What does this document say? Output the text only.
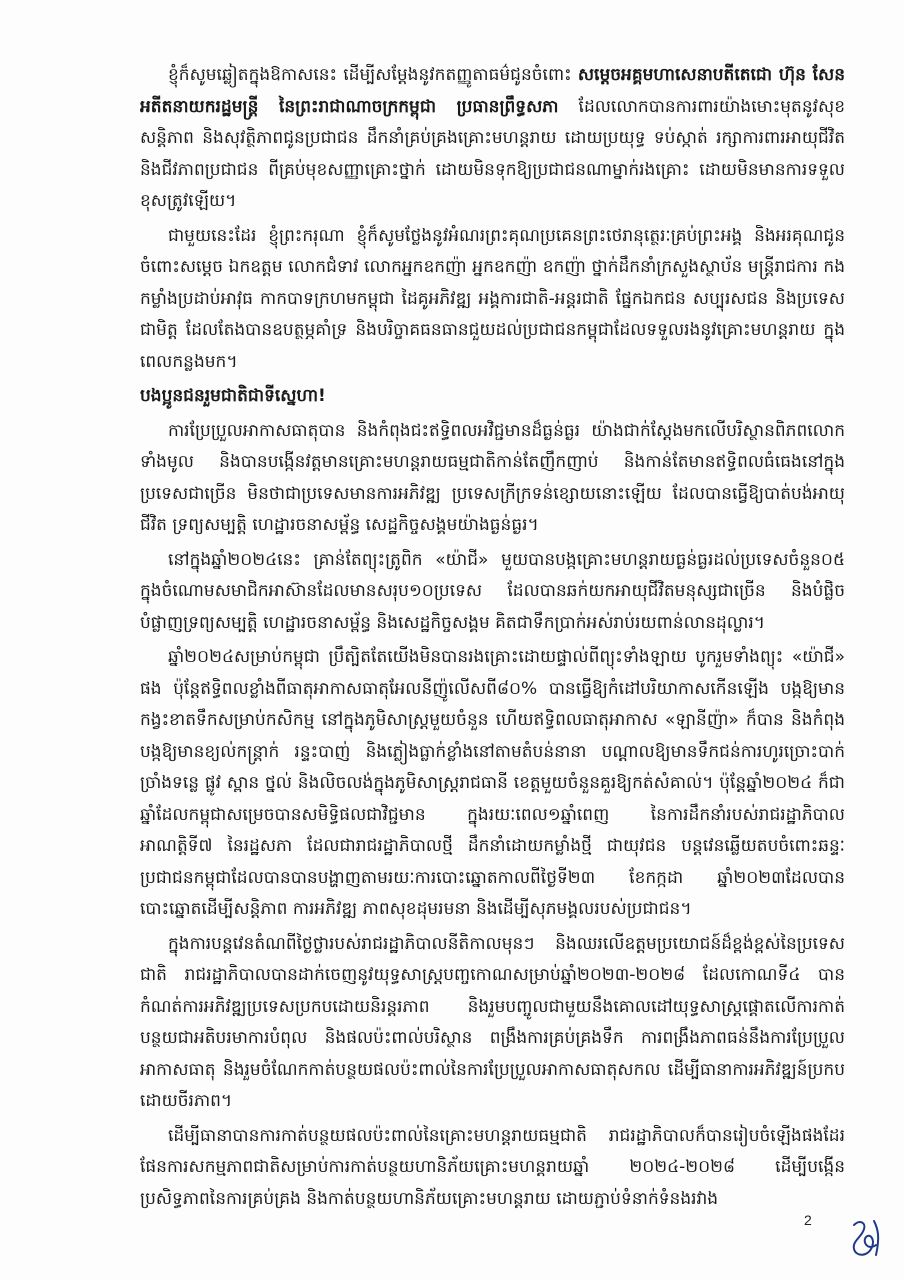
ខ្ញុំក៏សូមឆ្លៀតក្នុងឱកាសនេះ ដើម្បីសម្ដែងនូវកតញ្ញូតាធម៌ជូនចំពោះ សម្តេចអគ្គមហាសេនាបតីតេជោ ហ៊ុន សែន អតីតនាយករដ្ឋមន្ត្រី នៃព្រះរាជាណាចក្រកម្ពុជា ប្រធានព្រឹទ្ធសភា ដែលលោកបានការពារយ៉ាងមោះមុតនូវសុខសន្តិភាព និងសុវត្ថិភាពជូនប្រជាជន ដឹកនាំគ្រប់គ្រងគ្រោះមហន្តរាយ ដោយប្រយុទ្ធ ទប់ស្កាត់ រក្សាការពារអាយុជីវិត និងជីវភាពប្រជាជន ពីគ្រប់មុខសញ្ញាគ្រោះថ្នាក់ ដោយមិនទុកឱ្យប្រជាជនណាម្នាក់រងគ្រោះ ដោយមិនមានការទទួលខុសត្រូវឡើយ។

ជាមួយនេះដែរ ខ្ញុំព្រះករុណា ខ្ញុំក៏សូមថ្លែងនូវអំណរព្រះគុណប្រគេនព្រះថេរានុត្ថេរៈគ្រប់ព្រះអង្គ និងអរគុណជូនចំពោះសម្តេច ឯកឧត្តម លោកជំទាវ លោកអ្នកឧកញ៉ា អ្នកឧកញ៉ា ឧកញ៉ា ថ្នាក់ដឹកនាំក្រសួងស្ថាប័ន មន្ត្រីរាជការ កងកម្លាំងប្រដាប់អាវុធ កាកបាទក្រហមកម្ពុជា ដៃគូអភិវឌ្ឍ អង្គការជាតិ-អន្តរជាតិ ផ្នែកឯកជន សប្បុរសជន និងប្រទេសជាមិត្ត ដែលតែងបានឧបត្ថម្ភគាំទ្រ និងបរិច្ចាគធនធានជួយដល់ប្រជាជនកម្ពុជាដែលទទួលរងនូវគ្រោះមហន្តរាយ ក្នុងពេលកន្លងមក។

បងប្អូនជនរួមជាតិជាទីស្នេហា!

ការប្រែប្រួលអាកាសធាតុបាន និងកំពុងជះឥទ្ធិពលអវិជ្ជមានដ៏ធ្ងន់ធ្ងរ យ៉ាងជាក់ស្តែងមកលើបរិស្ថានពិភពលោកទាំងមូល និងបានបង្កើនវត្តមានគ្រោះមហន្តរាយធម្មជាតិកាន់តែញឹកញាប់ និងកាន់តែមានឥទ្ធិពលធំធេងនៅក្នុងប្រទេសជាច្រើន មិនថាជាប្រទេសមានការអភិវឌ្ឍ ប្រទេសក្រីក្រទន់ខ្សោយនោះឡើយ ដែលបានធ្វើឱ្យបាត់បង់អាយុជីវិត ទ្រព្យសម្បត្តិ ហេដ្ឋារចនាសម្ព័ន្ធ សេដ្ឋកិច្ចសង្គមយ៉ាងធ្ងន់ធ្ងរ។

នៅក្នុងឆ្នាំ២០២៤នេះ គ្រាន់តែព្យុះត្រូពិក «យ៉ាជី» មួយបានបង្កគ្រោះមហន្តរាយធ្ងន់ធ្ងរដល់ប្រទេសចំនួន០៥ ក្នុងចំណោមសមាជិកអាស៊ានដែលមានសរុប១០ប្រទេស ដែលបានឆក់យកអាយុជីវិតមនុស្សជាច្រើន និងបំផ្លិចបំផ្លាញទ្រព្យសម្បត្តិ ហេដ្ឋារចនាសម្ព័ន្ធ និងសេដ្ឋកិច្ចសង្គម គិតជាទឹកប្រាក់អស់រាប់រយពាន់លានដុល្លារ។

ឆ្នាំ២០២៤សម្រាប់កម្ពុជា ប្រឹត្បិតតែយើងមិនបានរងគ្រោះដោយផ្ទាល់ពីព្យុះទាំងឡាយ បូករួមទាំងព្យុះ «យ៉ាជី» ផង ប៉ុន្តែឥទ្ធិពលខ្លាំងពីធាតុអាកាសធាតុអែលនីញ៉ូលើសពី៨០% បានធ្វើឱ្យកំដៅបរិយាកាសកើនឡើង បង្កឱ្យមានកង្វះខាតទឹកសម្រាប់កសិកម្ម នៅក្នុងភូមិសាស្ត្រមួយចំនួន ហើយឥទ្ធិពលធាតុអាកាស «ឡានីញ៉ា» ក៏បាន និងកំពុងបង្កឱ្យមានខ្យល់កន្ត្រាក់ រន្ទះបាញ់ និងភ្លៀងធ្លាក់ខ្លាំងនៅតាមតំបន់នានា បណ្តាលឱ្យមានទឹកជន់ការហូរច្រោះបាក់ច្រាំងទន្លេ ផ្លូវ ស្ពាន ថ្នល់ និងលិចលង់ក្នុងភូមិសាស្ត្ររាជធានី ខេត្តមួយចំនួនគួរឱ្យកត់សំគាល់។ ប៉ុន្តែឆ្នាំ២០២៤ ក៏ជាឆ្នាំដែលកម្ពុជាសម្រេចបានសមិទ្ធិផលជាវិជ្ជមាន ក្នុងរយៈពេល១ឆ្នាំពេញ នៃការដឹកនាំរបស់រាជរដ្ឋាភិបាលអាណត្តិទី៧ នៃរដ្ឋសភា ដែលជារាជរដ្ឋាភិបាលថ្មី ដឹកនាំដោយកម្លាំងថ្មី ជាយុវជន បន្តវេនឆ្លើយតបចំពោះឆន្ទៈប្រជាជនកម្ពុជាដែលបានបានបង្ហាញតាមរយៈការបោះឆ្នោតកាលពីថ្ងៃទី២៣ ខែកក្កដា ឆ្នាំ២០២៣ដែលបានបោះឆ្នោតដើម្បីសន្តិភាព ការអភិវឌ្ឍ ភាពសុខដុមរមនា និងដើម្បីសុភមង្គលរបស់ប្រជាជន។

ក្នុងការបន្តវេនតំណពីថ្ងៃថ្លារបស់រាជរដ្ឋាភិបាលនីតិកាលមុនៗ និងឈរលើឧត្តមប្រយោជន៍ដ៏ខ្ពង់ខ្ពស់នៃប្រទេសជាតិ រាជរដ្ឋាភិបាលបានដាក់ចេញនូវយុទ្ធសាស្ត្របញ្ចកោណសម្រាប់ឆ្នាំ២០២៣-២០២៨ ដែលកោណទី៤ បានកំណត់ការអភិវឌ្ឍប្រទេសប្រកបដោយនិរន្តរភាព និងរួមបញ្ចូលជាមួយនឹងគោលដៅយុទ្ធសាស្ត្រផ្តោតលើការកាត់បន្ថយជាអតិបរមាការបំពុល និងផលប៉ះពាល់បរិស្ថាន ពង្រឹងការគ្រប់គ្រងទឹក ការពង្រឹងភាពធន់នឹងការប្រែប្រួលអាកាសធាតុ និងរួមចំណែកកាត់បន្ថយផលប៉ះពាល់នៃការប្រែប្រួលអាកាសធាតុសកល ដើម្បីធានាការអភិវឌ្ឍន៍ប្រកបដោយចីរភាព។

ដើម្បីធានាបានការកាត់បន្ថយផលប៉ះពាល់នៃគ្រោះមហន្តរាយធម្មជាតិ រាជរដ្ឋាភិបាលក៏បានរៀបចំឡើងផងដែរ ផែនការសកម្មភាពជាតិសម្រាប់ការកាត់បន្ថយហានិភ័យគ្រោះមហន្តរាយឆ្នាំ ២០២៤-២០២៨ ដើម្បីបង្កើនប្រសិទ្ធភាពនៃការគ្រប់គ្រង និងកាត់បន្ថយហានិភ័យគ្រោះមហន្តរាយ ដោយភ្ជាប់ទំនាក់ទំនងរវាង

2
